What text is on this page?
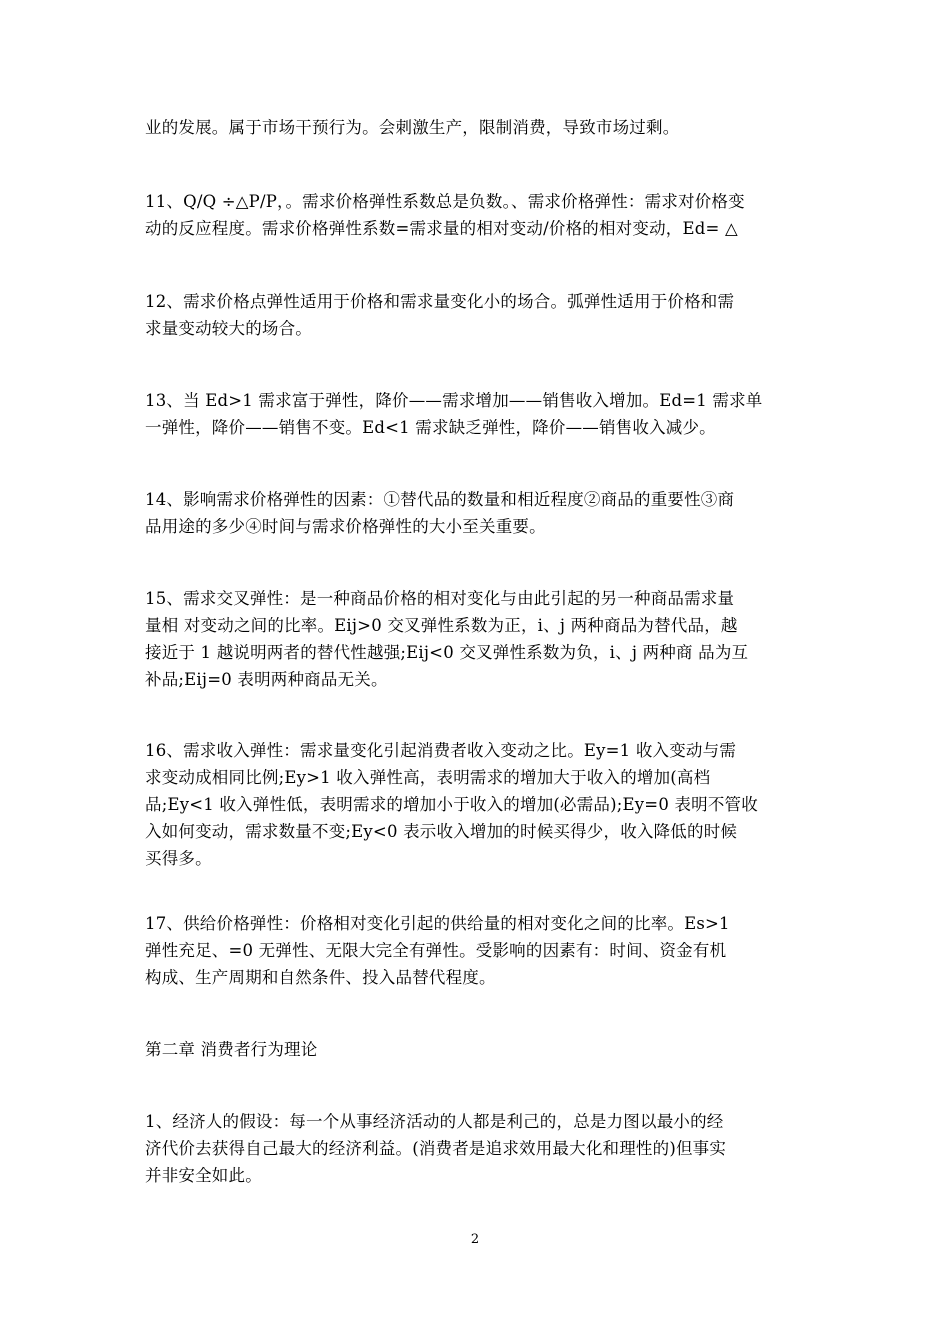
业的发展。属于市场干预行为。会刺激生产，限制消费，导致市场过剩。

11、Q/Q ÷△P/P，。需求价格弹性系数总是负数。、需求价格弹性：需求对价格变
动的反应程度。需求价格弹性系数=需求量的相对变动/价格的相对变动，Ed= △

12、需求价格点弹性适用于价格和需求量变化小的场合。弧弹性适用于价格和需
求量变动较大的场合。

13、当 Ed>1 需求富于弹性，降价——需求增加——销售收入增加。Ed=1 需求单
一弹性，降价——销售不变。Ed<1 需求缺乏弹性，降价——销售收入减少。

14、影响需求价格弹性的因素：①替代品的数量和相近程度②商品的重要性③商
品用途的多少④时间与需求价格弹性的大小至关重要。

15、需求交叉弹性：是一种商品价格的相对变化与由此引起的另一种商品需求量
量相 对变动之间的比率。Eij>0 交叉弹性系数为正，i、j 两种商品为替代品，越
接近于 1 越说明两者的替代性越强;Eij<0 交叉弹性系数为负，i、j 两种商 品为互
补品;Eij=0 表明两种商品无关。

16、需求收入弹性：需求量变化引起消费者收入变动之比。Ey=1 收入变动与需
求变动成相同比例;Ey>1 收入弹性高，表明需求的增加大于收入的增加(高档
品;Ey<1 收入弹性低，表明需求的增加小于收入的增加(必需品);Ey=0 表明不管收
入如何变动，需求数量不变;Ey<0 表示收入增加的时候买得少，收入降低的时候
买得多。

17、供给价格弹性：价格相对变化引起的供给量的相对变化之间的比率。Es>1
弹性充足、=0 无弹性、无限大完全有弹性。受影响的因素有：时间、资金有机
构成、生产周期和自然条件、投入品替代程度。

第二章 消费者行为理论

1、经济人的假设：每一个从事经济活动的人都是利己的，总是力图以最小的经
济代价去获得自己最大的经济利益。(消费者是追求效用最大化和理性的)但事实
并非安全如此。

2
